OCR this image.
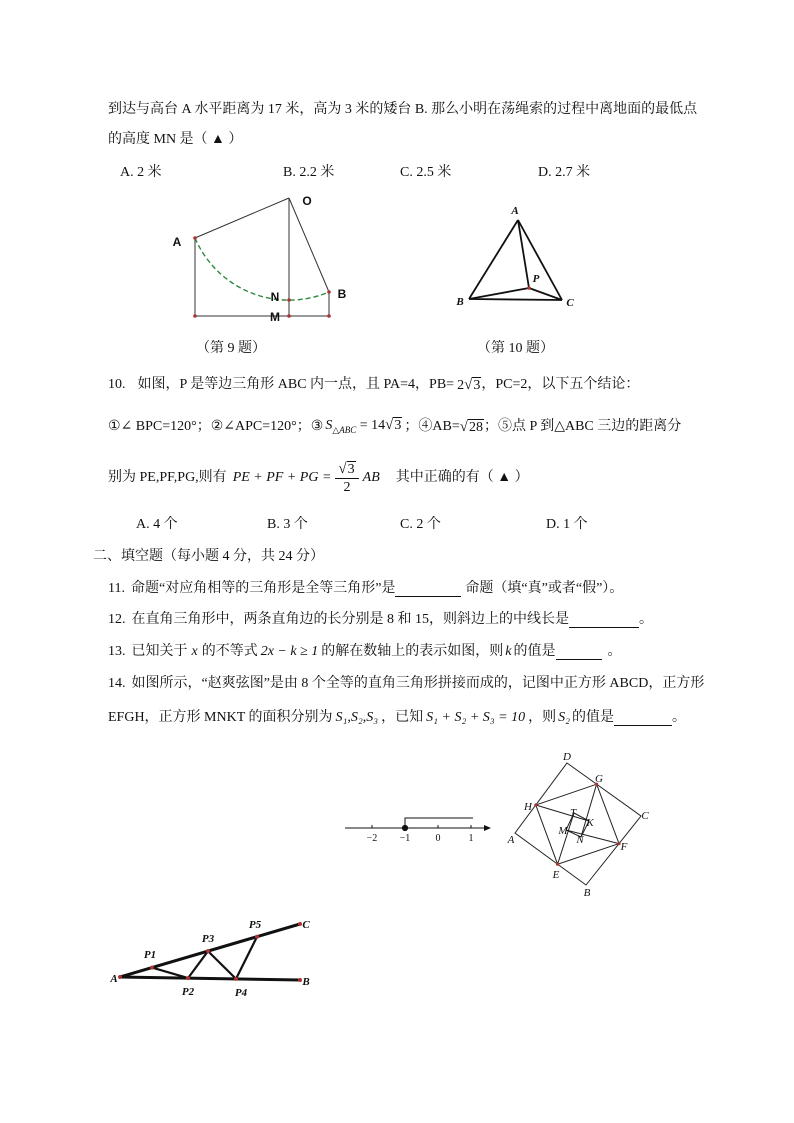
A
O
N	B
M
A
B	C
P
−2 −1	0	1
D
G
C
H	T
K
M
N
F
A
E
B
A
P1
P2
P3
P4
P5	C
B
到达与高台 A 水平距离为 17 米，高为 3 米的矮台 B. 那么小明在荡绳索的过程中离地面的最低点
的高度 MN 是（ ▲ ）
A. 2 米	B. 2.2 米	C. 2.5 米	D. 2.7 米
（第 9 题）	（第 10 题）
10. 如图，P 是等边三角形 ABC 内一点，且 PA=4，PB= 2√3 ，PC=2，以下五个结论：
①∠ BPC=120°；②∠APC=120°；③ $S_{\triangle ABC} = 14√3$ ；④AB= √28 ；⑤点 P 到△ABC 三边的距离分
别为 PE,PF,PG,则有 PE + PF + PG = $\frac{√3}{2}$ AB 其中正确的有（ ▲ ）
A. 4 个	B. 3 个	C. 2 个	D. 1 个
二、填空题（每小题 4 分，共 24 分）
11. 命题“对应角相等的三角形是全等三角形”是	命题（填“真”或者“假”）。
12. 在直角三角形中，两条直角边的长分别是 8 和 15，则斜边上的中线长是	。
13. 已知关于 x 的不等式 2x − k ≥ 1 的解在数轴上的表示如图，则 k 的值是	。
14. 如图所示，“赵爽弦图”是由 8 个全等的直角三角形拼接而成的，记图中正方形 ABCD，正方形
EFGH，正方形 MNKT 的面积分别为 S₁,S₂,S₃ ，已知 S₁ + S₂ + S₃ = 10 ，则 S₂ 的值是	。
